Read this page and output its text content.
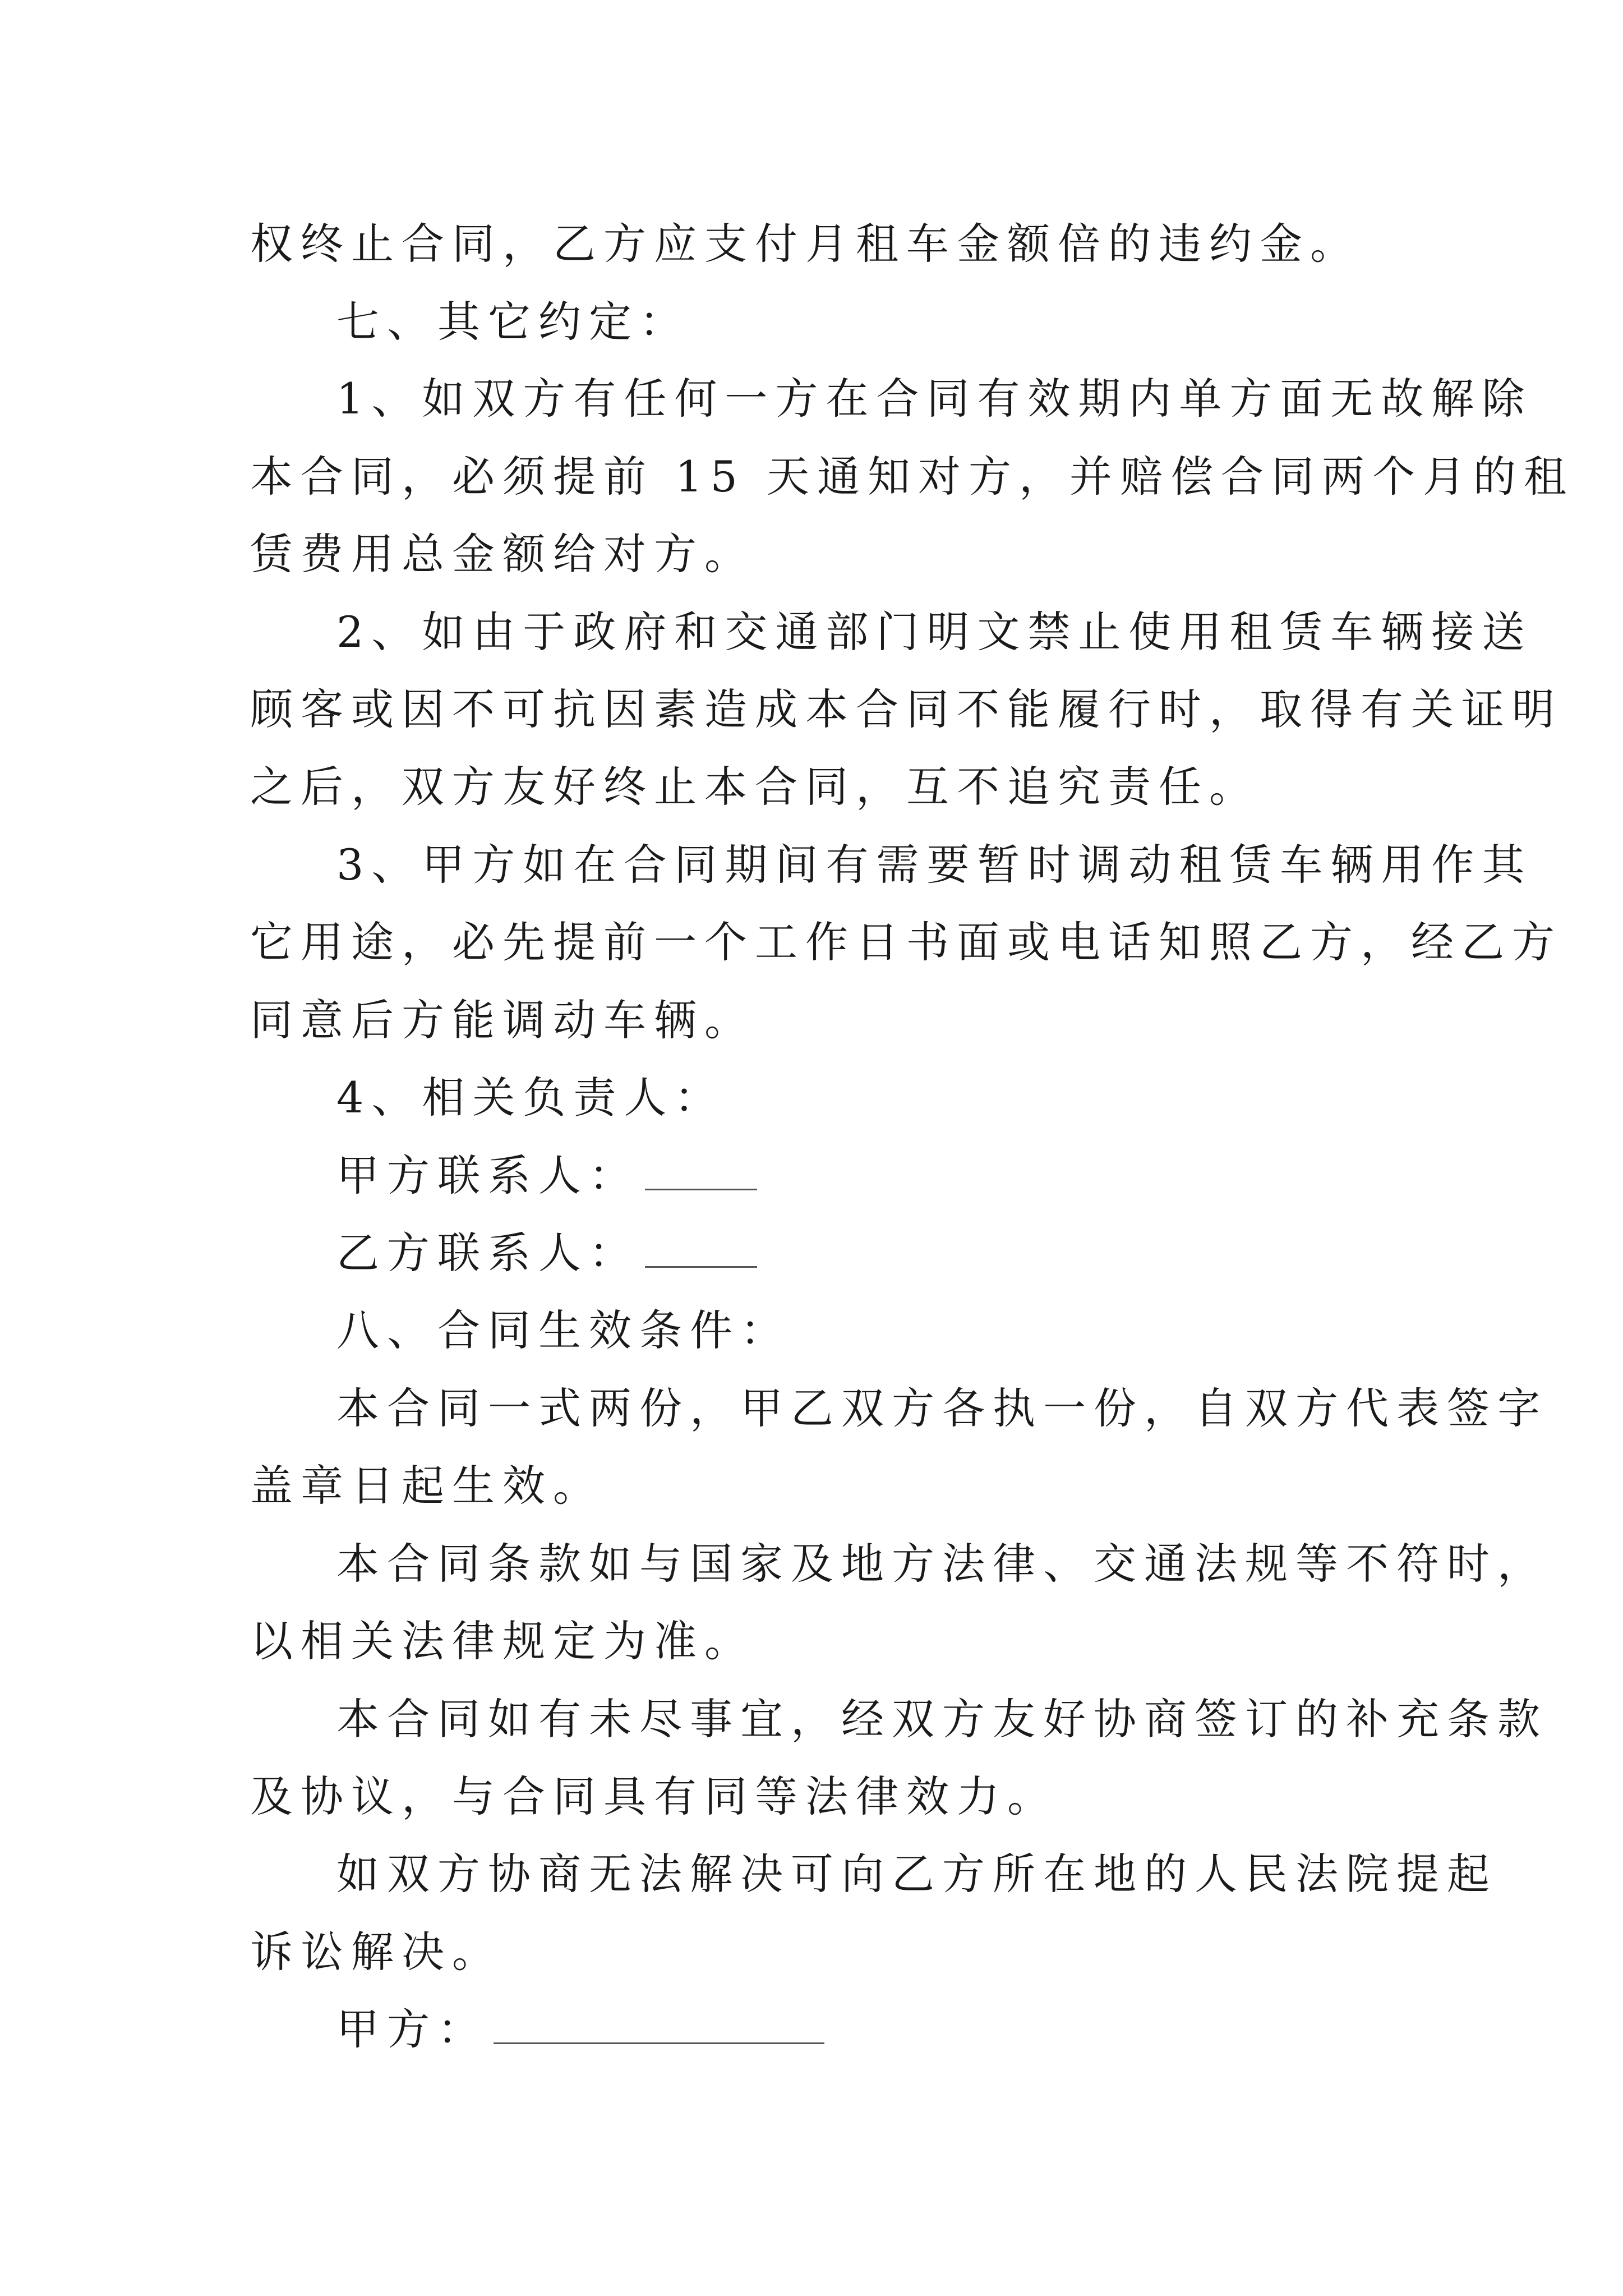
权终止合同，乙方应支付月租车金额倍的违约金。
七、其它约定：
1、如双方有任何一方在合同有效期内单方面无故解除
本合同，必须提前 15 天通知对方，并赔偿合同两个月的租
赁费用总金额给对方。
2、如由于政府和交通部门明文禁止使用租赁车辆接送
顾客或因不可抗因素造成本合同不能履行时，取得有关证明
之后，双方友好终止本合同，互不追究责任。
3、甲方如在合同期间有需要暂时调动租赁车辆用作其
它用途，必先提前一个工作日书面或电话知照乙方，经乙方
同意后方能调动车辆。
4、相关负责人：
甲方联系人：
乙方联系人：
八、合同生效条件：
本合同一式两份，甲乙双方各执一份，自双方代表签字
盖章日起生效。
本合同条款如与国家及地方法律、交通法规等不符时，
以相关法律规定为准。
本合同如有未尽事宜，经双方友好协商签订的补充条款
及协议，与合同具有同等法律效力。
如双方协商无法解决可向乙方所在地的人民法院提起
诉讼解决。
甲方：
